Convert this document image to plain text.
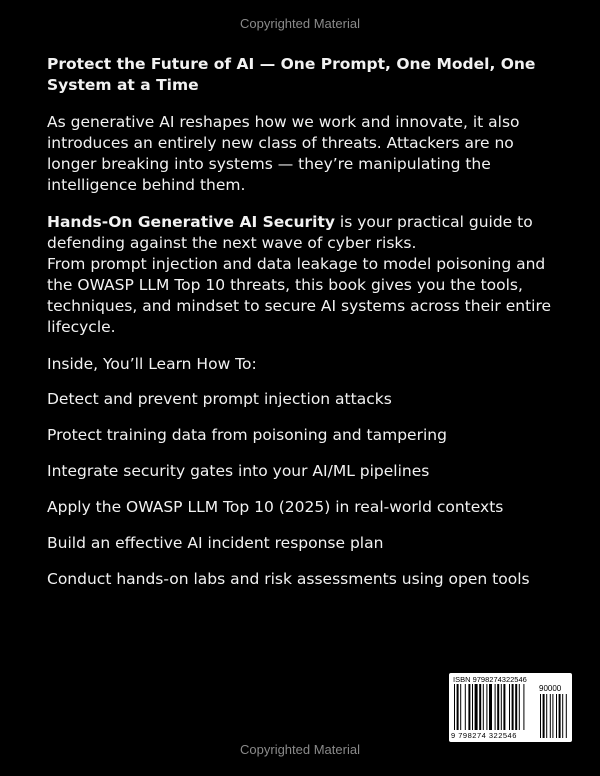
Copyrighted Material

Protect the Future of AI — One Prompt, One Model, One System at a Time

As generative AI reshapes how we work and innovate, it also introduces an entirely new class of threats. Attackers are no longer breaking into systems — they’re manipulating the intelligence behind them.

Hands-On Generative AI Security is your practical guide to defending against the next wave of cyber risks.
From prompt injection and data leakage to model poisoning and the OWASP LLM Top 10 threats, this book gives you the tools, techniques, and mindset to secure AI systems across their entire lifecycle.

Inside, You’ll Learn How To:

Detect and prevent prompt injection attacks

Protect training data from poisoning and tampering

Integrate security gates into your AI/ML pipelines

Apply the OWASP LLM Top 10 (2025) in real-world contexts

Build an effective AI incident response plan

Conduct hands-on labs and risk assessments using open tools

ISBN 9798274322546
90000
9 798274 322546
Copyrighted Material
